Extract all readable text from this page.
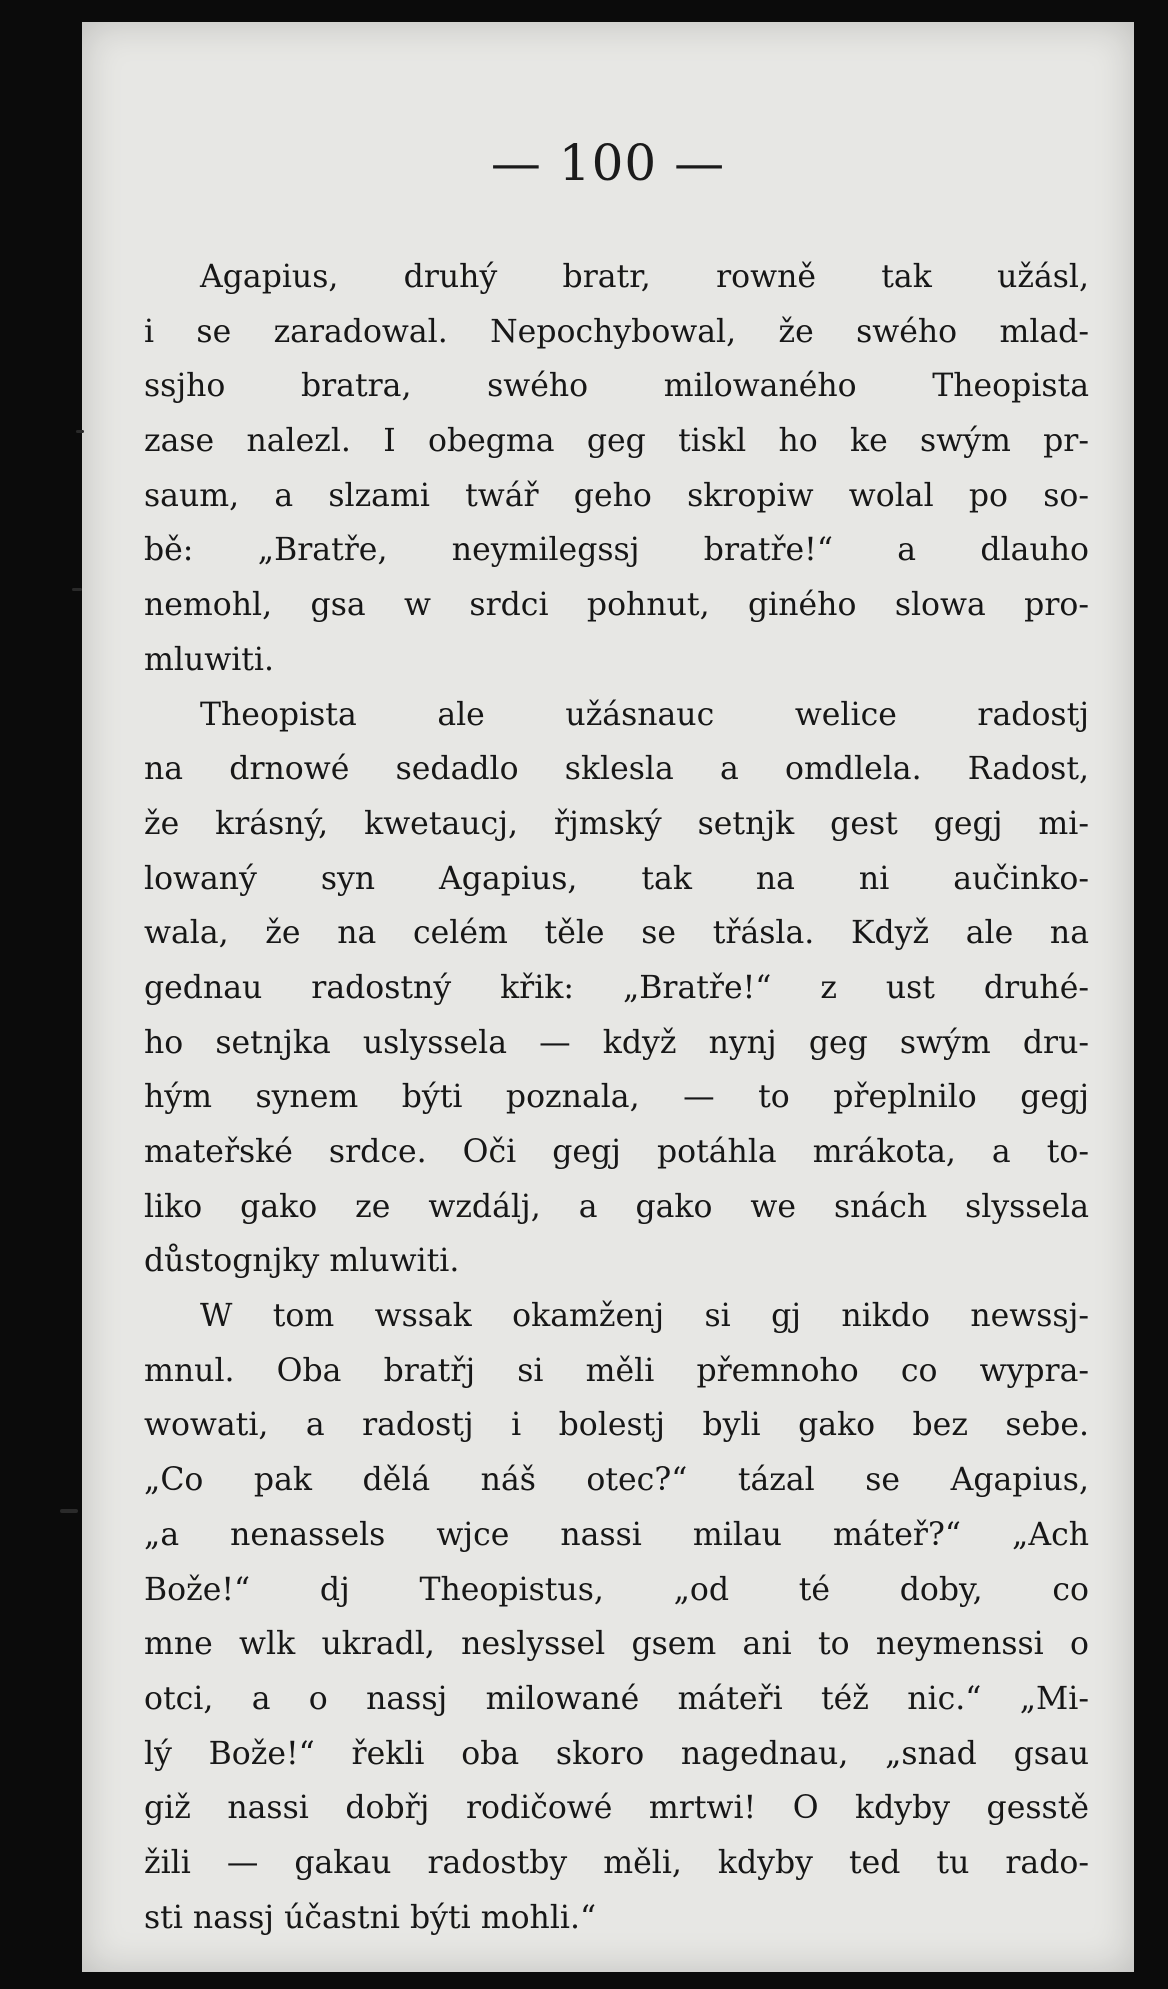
— 100 —
Agapius, druhý bratr, rowně tak užásl,
i se zaradowal. Nepochybowal, že swého mlad-
ssjho bratra, swého milowaného Theopista
zase nalezl. I obegma geg tiskl ho ke swým pr-
saum, a slzami twář geho skropiw wolal po so-
bě: „Bratře, neymilegssj bratře!“ a dlauho
nemohl, gsa w srdci pohnut, giného slowa pro-
mluwiti.
Theopista ale užásnauc welice radostj
na drnowé sedadlo sklesla a omdlela. Radost,
že krásný, kwetaucj, řjmský setnjk gest gegj mi-
lowaný syn Agapius, tak na ni aučinko-
wala, že na celém těle se třásla. Když ale na
gednau radostný křik: „Bratře!“ z ust druhé-
ho setnjka uslyssela — když nynj geg swým dru-
hým synem býti poznala, — to přeplnilo gegj
mateřské srdce. Oči gegj potáhla mrákota, a to-
liko gako ze wzdálj, a gako we snách slyssela
důstognjky mluwiti.
W tom wssak okamženj si gj nikdo newssj-
mnul. Oba bratřj si měli přemnoho co wypra-
wowati, a radostj i bolestj byli gako bez sebe.
„Co pak dělá náš otec?“ tázal se Agapius,
„a nenassels wjce nassi milau máteř?“ „Ach
Bože!“ dj Theopistus, „od té doby, co
mne wlk ukradl, neslyssel gsem ani to neymenssi o
otci, a o nassj milowané máteři též nic.“ „Mi-
lý Bože!“ řekli oba skoro nagednau, „snad gsau
giž nassi dobřj rodičowé mrtwi! O kdyby gesstě
žili — gakau radostby měli, kdyby ted tu rado-
sti nassj účastni býti mohli.“
